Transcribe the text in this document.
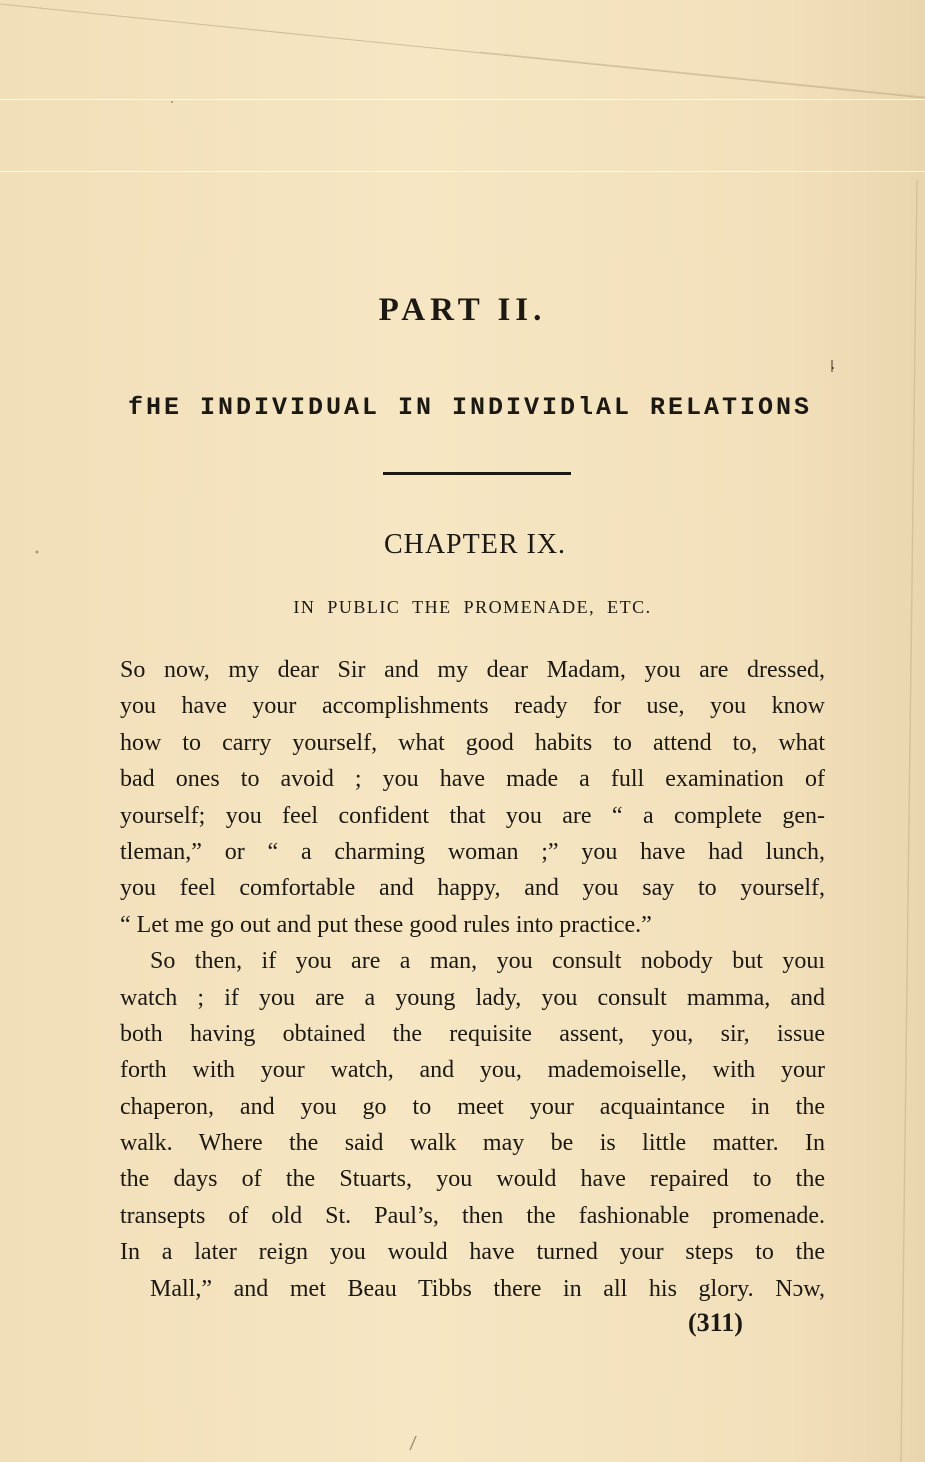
PART II.
fHE INDIVIDUAL IN INDIVIDlAL RELATIONS
CHAPTER IX.
IN PUBLIC THE PROMENADE, ETC.
So now, my dear Sir and my dear Madam, you are dressed,
you have your accomplishments ready for use, you know
how to carry yourself, what good habits to attend to, what
bad ones to avoid ; you have made a full examination of
yourself; you feel confident that you are “ a complete gen-
tleman,” or “ a charming woman ;” you have had lunch,
you feel comfortable and happy, and you say to yourself,
“ Let me go out and put these good rules into practice.”
So then, if you are a man, you consult nobody but youı
watch ; if you are a young lady, you consult mamma, and
both having obtained the requisite assent, you, sir, issue
forth with your watch, and you, mademoiselle, with your
chaperon, and you go to meet your acquaintance in the
walk. Where the said walk may be is little matter. In
the days of the Stuarts, you would have repaired to the
transepts of old St. Paul’s, then the fashionable promenade.
In a later reign you would have turned your steps to the
Mall,” and met Beau Tibbs there in all his glory. Nɔw,
(311)
